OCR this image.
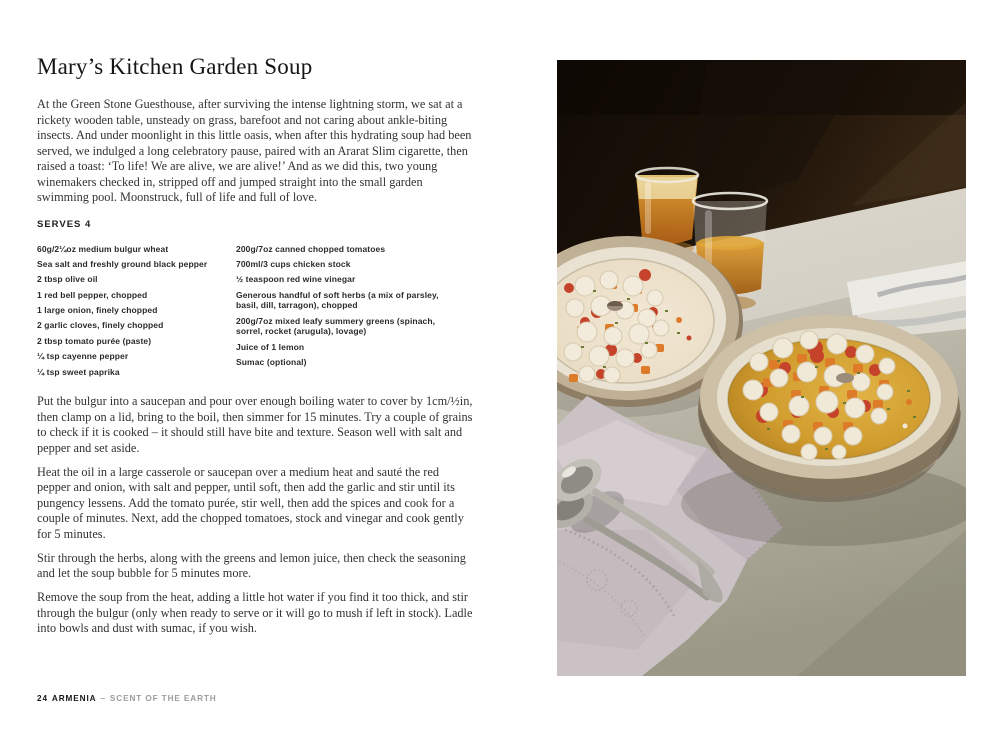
Mary’s Kitchen Garden Soup

At the Green Stone Guesthouse, after surviving the intense lightning storm, we sat at a rickety wooden table, unsteady on grass, barefoot and not caring about ankle-biting insects. And under moonlight in this little oasis, when after this hydrating soup had been served, we indulged a long celebratory pause, paired with an Ararat Slim cigarette, then raised a toast: ‘To life! We are alive, we are alive!’ And as we did this, two young winemakers checked in, stripped off and jumped straight into the small garden swimming pool. Moonstruck, full of life and full of love.

SERVES 4
60g/2¼oz medium bulgur wheat
Sea salt and freshly ground black pepper
2 tbsp olive oil
1 red bell pepper, chopped
1 large onion, finely chopped
2 garlic cloves, finely chopped
2 tbsp tomato purée (paste)
¼ tsp cayenne pepper
¼ tsp sweet paprika
200g/7oz canned chopped tomatoes
700ml/3 cups chicken stock
½ teaspoon red wine vinegar
Generous handful of soft herbs (a mix of parsley, basil, dill, tarragon), chopped
200g/7oz mixed leafy summery greens (spinach, sorrel, rocket (arugula), lovage)
Juice of 1 lemon
Sumac (optional)

Put the bulgur into a saucepan and pour over enough boiling water to cover by 1cm/½in, then clamp on a lid, bring to the boil, then simmer for 15 minutes. Try a couple of grains to check if it is cooked – it should still have bite and texture. Season well with salt and pepper and set aside.

Heat the oil in a large casserole or saucepan over a medium heat and sauté the red pepper and onion, with salt and pepper, until soft, then add the garlic and stir until its pungency lessens. Add the tomato purée, stir well, then add the spices and cook for a couple of minutes. Next, add the chopped tomatoes, stock and vinegar and cook gently for 5 minutes.

Stir through the herbs, along with the greens and lemon juice, then check the seasoning and let the soup bubble for 5 minutes more.

Remove the soup from the heat, adding a little hot water if you find it too thick, and stir through the bulgur (only when ready to serve or it will go to mush if left in stock). Ladle into bowls and dust with sumac, if you wish.

24 ARMENIA – SCENT OF THE EARTH
